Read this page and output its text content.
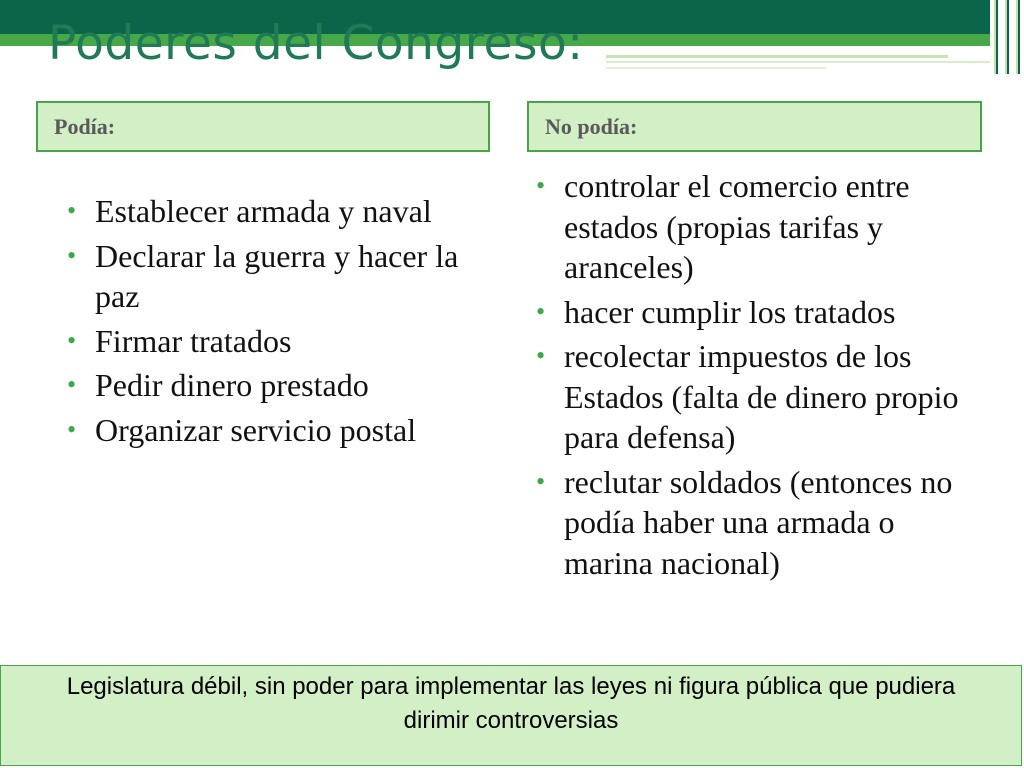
Poderes del Congreso:
Podía:	No podía:
• Establecer armada y naval
• Declarar la guerra y hacer la paz
• Firmar tratados
• Pedir dinero prestado
• Organizar servicio postal
• controlar el comercio entre estados (propias tarifas y aranceles)
• hacer cumplir los tratados
• recolectar impuestos de los Estados (falta de dinero propio para defensa)
• reclutar soldados (entonces no podía haber una armada o marina nacional)
Legislatura débil, sin poder para implementar las leyes ni figura pública que pudiera dirimir controversias
